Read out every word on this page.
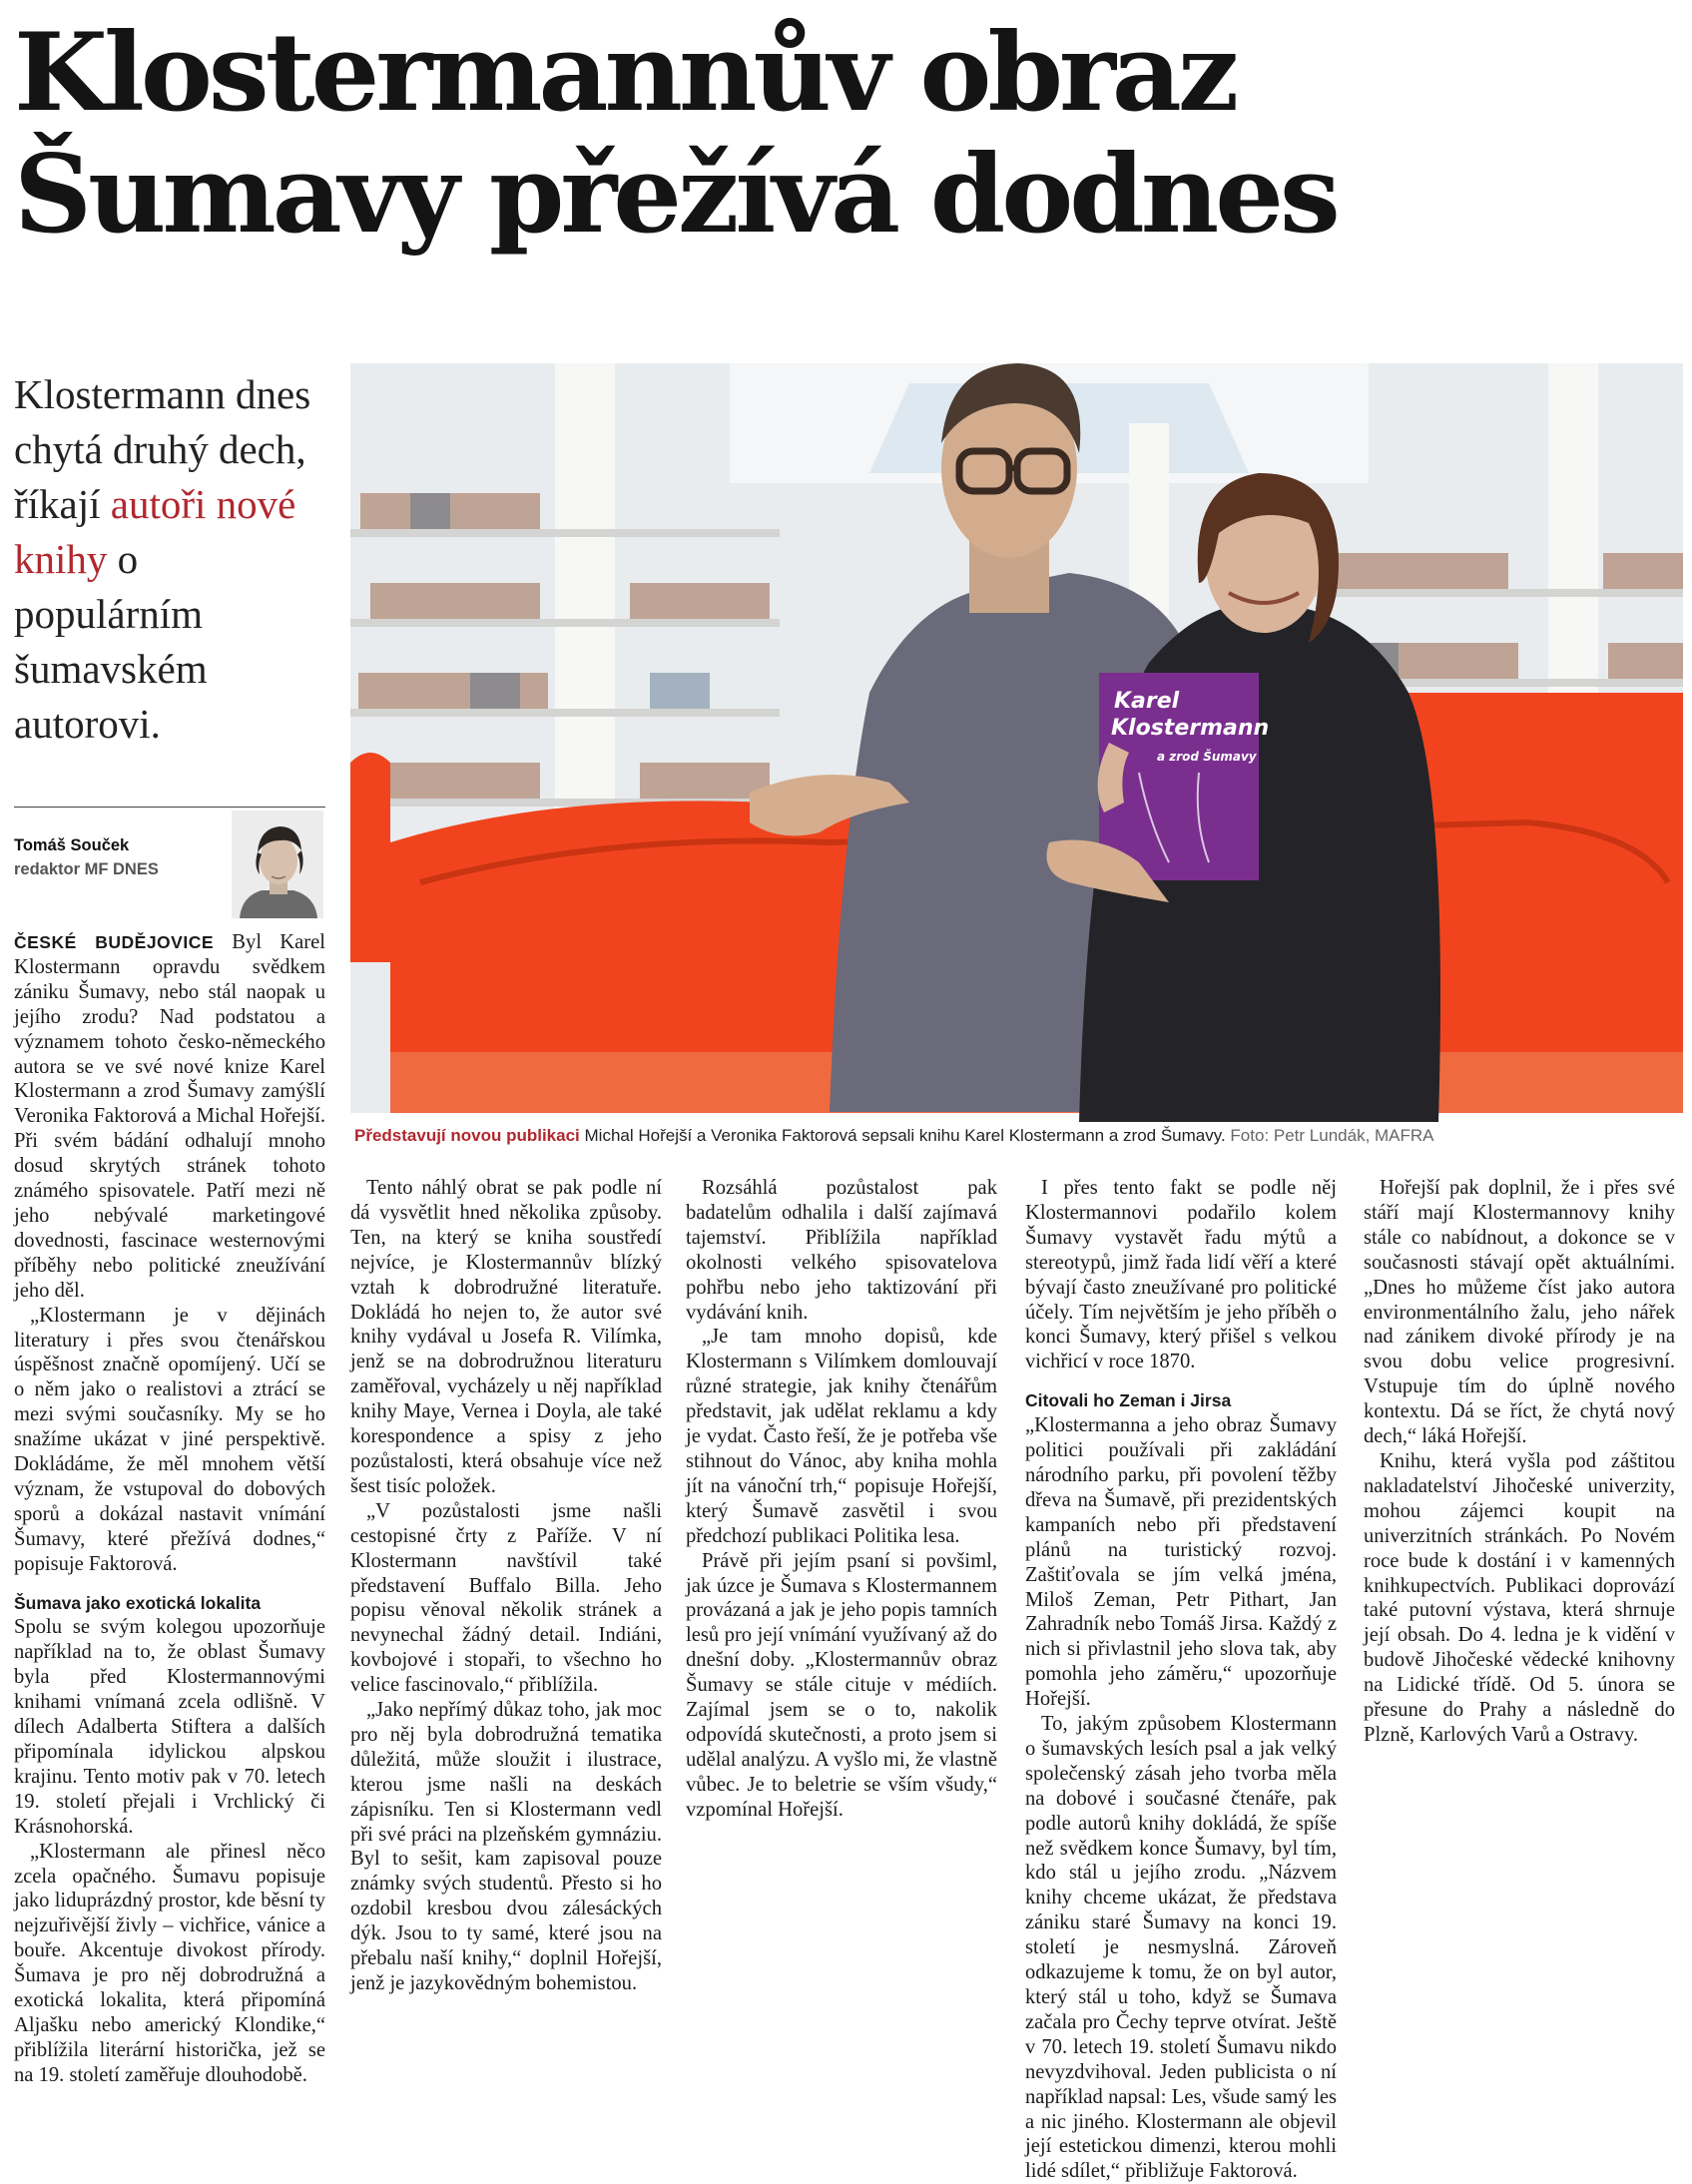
Klostermannův obraz
Šumavy přežívá dodnes
Klostermann dnes chytá druhý dech, říkají autoři nové knihy o populárním šumavském autorovi.
Tomáš Souček
redaktor MF DNES
Karel
Klostermann
a zrod Šumavy
Představují novou publikaci Michal Hořejší a Veronika Faktorová sepsali knihu Karel Klostermann a zrod Šumavy. Foto: Petr Lundák, MAFRA

ČESKÉ BUDĚJOVICE Byl Karel Klostermann opravdu svědkem zániku Šumavy, nebo stál naopak u jejího zrodu? Nad podstatou a významem tohoto česko-německého autora se ve své nové knize Karel Klostermann a zrod Šumavy zamýšlí Veronika Faktorová a Michal Hořejší. Při svém bádání odhalují mnoho dosud skrytých stránek tohoto známého spisovatele. Patří mezi ně jeho nebývalé marketingové dovednosti, fascinace westernovými příběhy nebo politické zneužívání jeho děl.

„Klostermann je v dějinách literatury i přes svou čtenářskou úspěšnost značně opomíjený. Učí se o něm jako o realistovi a ztrácí se mezi svými současníky. My se ho snažíme ukázat v jiné perspektivě. Dokládáme, že měl mnohem větší význam, že vstupoval do dobových sporů a dokázal nastavit vnímání Šumavy, které přežívá dodnes,“ popisuje Faktorová.

Šumava jako exotická lokalita

Spolu se svým kolegou upozorňuje například na to, že oblast Šumavy byla před Klostermannovými knihami vnímaná zcela odlišně. V dílech Adalberta Stiftera a dalších připomínala idylickou alpskou krajinu. Tento motiv pak v 70. letech 19. století přejali i Vrchlický či Krásnohorská.

„Klostermann ale přinesl něco zcela opačného. Šumavu popisuje jako liduprázdný prostor, kde běsní ty nejzuřivější živly – vichřice, vánice a bouře. Akcentuje divokost přírody. Šumava je pro něj dobrodružná a exotická lokalita, která připomíná Aljašku nebo americký Klondike,“ přiblížila literární historička, jež se na 19. století zaměřuje dlouhodobě.

Tento náhlý obrat se pak podle ní dá vysvětlit hned několika způsoby. Ten, na který se kniha soustředí nejvíce, je Klostermannův blízký vztah k dobrodružné literatuře. Dokládá ho nejen to, že autor své knihy vydával u Josefa R. Vilímka, jenž se na dobrodružnou literaturu zaměřoval, vycházely u něj například knihy Maye, Vernea i Doyla, ale také korespondence a spisy z jeho pozůstalosti, která obsahuje více než šest tisíc položek.

„V pozůstalosti jsme našli cestopisné črty z Paříže. V ní Klostermann navštívil také představení Buffalo Billa. Jeho popisu věnoval několik stránek a nevynechal žádný detail. Indiáni, kovbojové i stopaři, to všechno ho velice fascinovalo,“ přiblížila.

„Jako nepřímý důkaz toho, jak moc pro něj byla dobrodružná tematika důležitá, může sloužit i ilustrace, kterou jsme našli na deskách zápisníku. Ten si Klostermann vedl při své práci na plzeňském gymnáziu. Byl to sešit, kam zapisoval pouze známky svých studentů. Přesto si ho ozdobil kresbou dvou zálesáckých dýk. Jsou to ty samé, které jsou na přebalu naší knihy,“ doplnil Hořejší, jenž je jazykovědným bohemistou.

Rozsáhlá pozůstalost pak badatelům odhalila i další zajímavá tajemství. Přiblížila například okolnosti velkého spisovatelova pohřbu nebo jeho taktizování při vydávání knih.

„Je tam mnoho dopisů, kde Klostermann s Vilímkem domlouvají různé strategie, jak knihy čtenářům představit, jak udělat reklamu a kdy je vydat. Často řeší, že je potřeba vše stihnout do Vánoc, aby kniha mohla jít na vánoční trh,“ popisuje Hořejší, který Šumavě zasvětil i svou předchozí publikaci Politika lesa.

Právě při jejím psaní si povšiml, jak úzce je Šumava s Klostermannem provázaná a jak je jeho popis tamních lesů pro její vnímání využívaný až do dnešní doby. „Klostermannův obraz Šumavy se stále cituje v médiích. Zajímal jsem se o to, nakolik odpovídá skutečnosti, a proto jsem si udělal analýzu. A vyšlo mi, že vlastně vůbec. Je to beletrie se vším všudy,“ vzpomínal Hořejší.

I přes tento fakt se podle něj Klostermannovi podařilo kolem Šumavy vystavět řadu mýtů a stereotypů, jimž řada lidí věří a které bývají často zneužívané pro politické účely. Tím největším je jeho příběh o konci Šumavy, který přišel s velkou vichřicí v roce 1870.

Citovali ho Zeman i Jirsa

„Klostermanna a jeho obraz Šumavy politici používali při zakládání národního parku, při povolení těžby dřeva na Šumavě, při prezidentských kampaních nebo při představení plánů na turistický rozvoj. Zaštiťovala se jím velká jména, Miloš Zeman, Petr Pithart, Jan Zahradník nebo Tomáš Jirsa. Každý z nich si přivlastnil jeho slova tak, aby pomohla jeho záměru,“ upozorňuje Hořejší.

To, jakým způsobem Klostermann o šumavských lesích psal a jak velký společenský zásah jeho tvorba měla na dobové i současné čtenáře, pak podle autorů knihy dokládá, že spíše než svědkem konce Šumavy, byl tím, kdo stál u jejího zrodu. „Názvem knihy chceme ukázat, že představa zániku staré Šumavy na konci 19. století je nesmyslná. Zároveň odkazujeme k tomu, že on byl autor, který stál u toho, když se Šumava začala pro Čechy teprve otvírat. Ještě v 70. letech 19. století Šumavu nikdo nevyzdvihoval. Jeden publicista o ní například napsal: Les, všude samý les a nic jiného. Klostermann ale objevil její estetickou dimenzi, kterou mohli lidé sdílet,“ přibližuje Faktorová.

Hořejší pak doplnil, že i přes své stáří mají Klostermannovy knihy stále co nabídnout, a dokonce se v současnosti stávají opět aktuálními. „Dnes ho můžeme číst jako autora environmentálního žalu, jeho nářek nad zánikem divoké přírody je na svou dobu velice progresivní. Vstupuje tím do úplně nového kontextu. Dá se říct, že chytá nový dech,“ láká Hořejší.

Knihu, která vyšla pod záštitou nakladatelství Jihočeské univerzity, mohou zájemci koupit na univerzitních stránkách. Po Novém roce bude k dostání i v kamenných knihkupectvích. Publikaci doprovází také putovní výstava, která shrnuje její obsah. Do 4. ledna je k vidění v budově Jihočeské vědecké knihovny na Lidické třídě. Od 5. února se přesune do Prahy a následně do Plzně, Karlových Varů a Ostravy.
